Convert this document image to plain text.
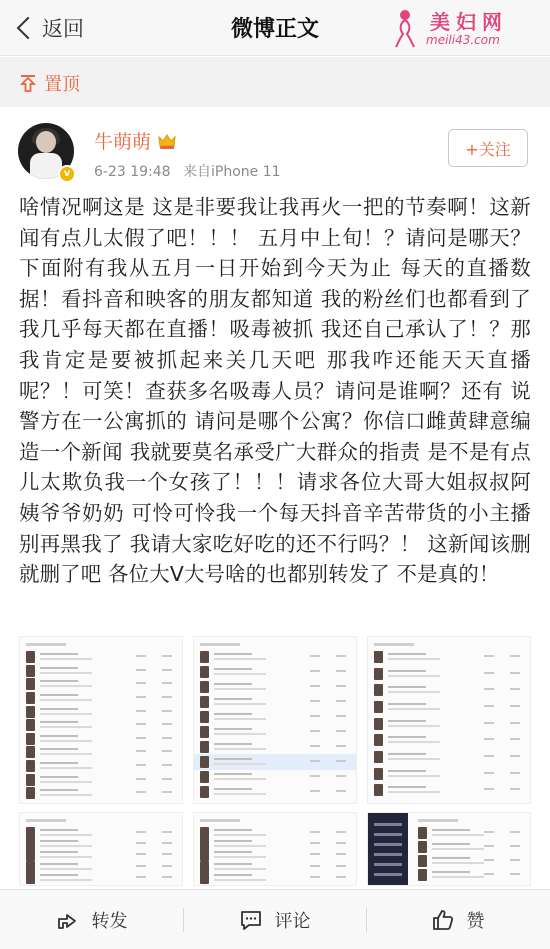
返回	微博正文	美妇网
meili43.com
置顶
v
牛萌萌
6-23 19:48 来自iPhone 11
+关注
啥情况啊这是 这是非要我让我再火一把的节奏啊！这新闻有点儿太假了吧！！！ 五月中上旬！？请问是哪天？下面附有我从五月一日开始到今天为止 每天的直播数据！看抖音和映客的朋友都知道 我的粉丝们也都看到了 我几乎每天都在直播！吸毒被抓 我还自己承认了！？那我肯定是要被抓起来关几天吧 那我咋还能天天直播呢？！可笑！查获多名吸毒人员？请问是谁啊？还有 说警方在一公寓抓的 请问是哪个公寓？你信口雌黄肆意编造一个新闻 我就要莫名承受广大群众的指责 是不是有点儿太欺负我一个女孩了！！！请求各位大哥大姐叔叔阿姨爷爷奶奶 可怜可怜我一个每天抖音辛苦带货的小主播 别再黑我了 我请大家吃好吃的还不行吗？！ 这新闻该删就删了吧 各位大V大号啥的也都别转发了 不是真的！
转发	评论	赞
